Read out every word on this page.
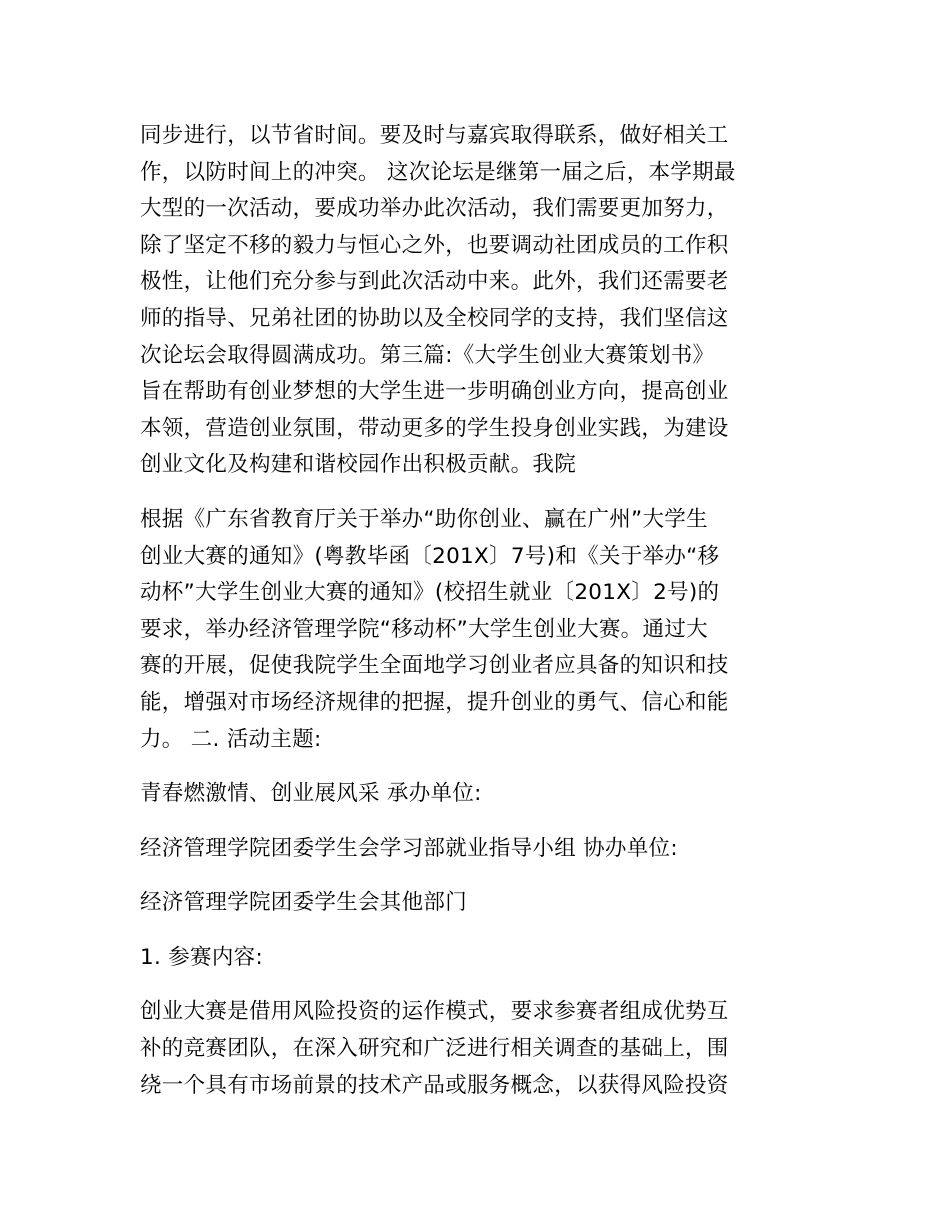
同步进行，以节省时间。要及时与嘉宾取得联系，做好相关工
作，以防时间上的冲突。 这次论坛是继第一届之后，本学期最
大型的一次活动，要成功举办此次活动，我们需要更加努力，
除了坚定不移的毅力与恒心之外，也要调动社团成员的工作积
极性，让他们充分参与到此次活动中来。此外，我们还需要老
师的指导、兄弟社团的协助以及全校同学的支持，我们坚信这
次论坛会取得圆满成功。第三篇:《大学生创业大赛策划书》
旨在帮助有创业梦想的大学生进一步明确创业方向，提高创业
本领，营造创业氛围，带动更多的学生投身创业实践，为建设
创业文化及构建和谐校园作出积极贡献。我院

根据《广东省教育厅关于举办“助你创业、赢在广州”大学生
创业大赛的通知》(粤教毕函〔201X〕7号)和《关于举办“移
动杯”大学生创业大赛的通知》(校招生就业〔201X〕2号)的
要求，举办经济管理学院“移动杯”大学生创业大赛。通过大
赛的开展，促使我院学生全面地学习创业者应具备的知识和技
能，增强对市场经济规律的把握，提升创业的勇气、信心和能
力。 二. 活动主题:

青春燃激情、创业展风采 承办单位:

经济管理学院团委学生会学习部就业指导小组 协办单位:

经济管理学院团委学生会其他部门

1. 参赛内容:

创业大赛是借用风险投资的运作模式，要求参赛者组成优势互
补的竞赛团队，在深入研究和广泛进行相关调查的基础上，围
绕一个具有市场前景的技术产品或服务概念，以获得风险投资
